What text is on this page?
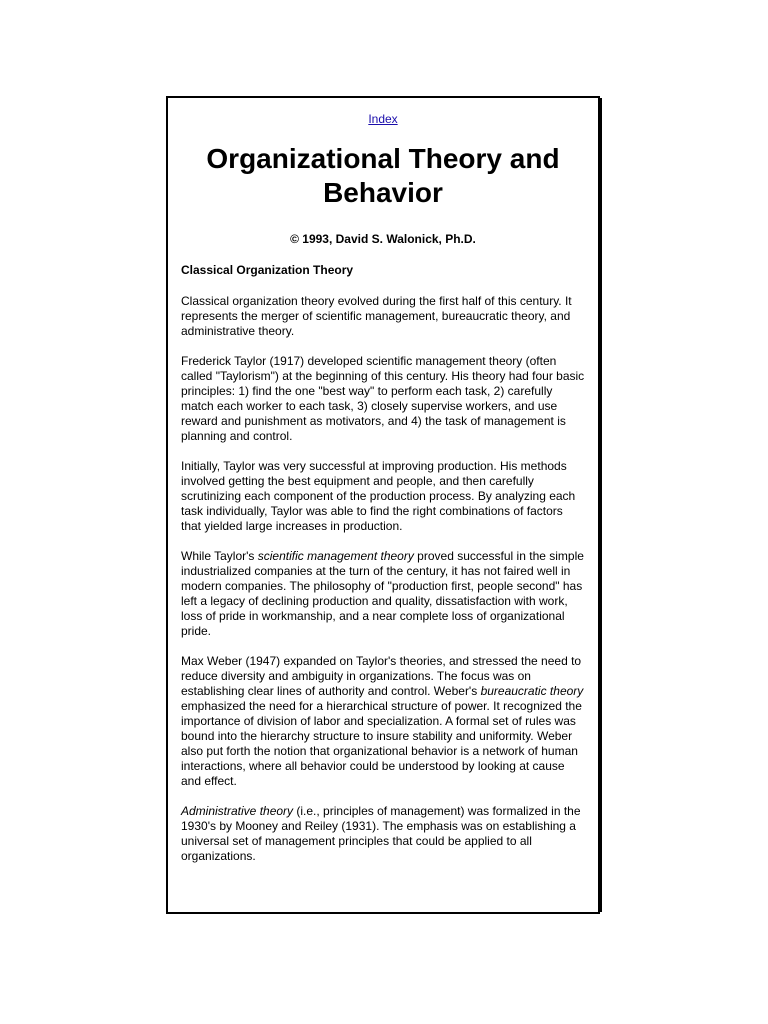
Index
Organizational Theory and Behavior
© 1993, David S. Walonick, Ph.D.
Classical Organization Theory

Classical organization theory evolved during the first half of this century. It represents the merger of scientific management, bureaucratic theory, and administrative theory.

Frederick Taylor (1917) developed scientific management theory (often called "Taylorism") at the beginning of this century. His theory had four basic principles: 1) find the one "best way" to perform each task, 2) carefully match each worker to each task, 3) closely supervise workers, and use reward and punishment as motivators, and 4) the task of management is planning and control.

Initially, Taylor was very successful at improving production. His methods involved getting the best equipment and people, and then carefully scrutinizing each component of the production process. By analyzing each task individually, Taylor was able to find the right combinations of factors that yielded large increases in production.

While Taylor's scientific management theory proved successful in the simple industrialized companies at the turn of the century, it has not faired well in modern companies. The philosophy of "production first, people second" has left a legacy of declining production and quality, dissatisfaction with work, loss of pride in workmanship, and a near complete loss of organizational pride.

Max Weber (1947) expanded on Taylor's theories, and stressed the need to reduce diversity and ambiguity in organizations. The focus was on establishing clear lines of authority and control. Weber's bureaucratic theory emphasized the need for a hierarchical structure of power. It recognized the importance of division of labor and specialization. A formal set of rules was bound into the hierarchy structure to insure stability and uniformity. Weber also put forth the notion that organizational behavior is a network of human interactions, where all behavior could be understood by looking at cause and effect.

Administrative theory (i.e., principles of management) was formalized in the 1930's by Mooney and Reiley (1931). The emphasis was on establishing a universal set of management principles that could be applied to all organizations.
